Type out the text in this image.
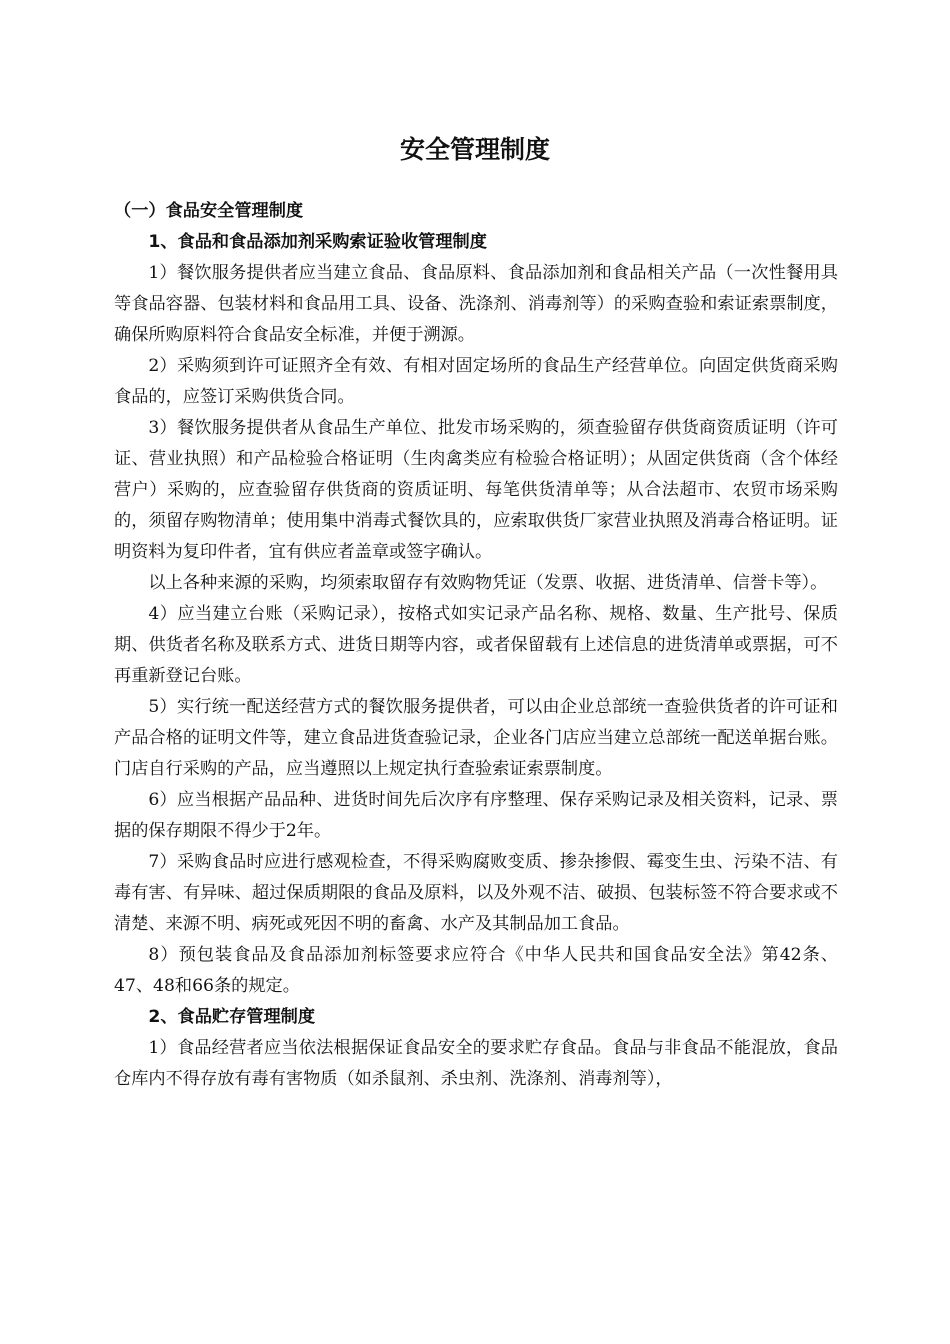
安全管理制度
（一）食品安全管理制度
1、食品和食品添加剂采购索证验收管理制度

1）餐饮服务提供者应当建立食品、食品原料、食品添加剂和食品相关产品（一次性餐用具等食品容器、包装材料和食品用工具、设备、洗涤剂、消毒剂等）的采购查验和索证索票制度，确保所购原料符合食品安全标准，并便于溯源。

2）采购须到许可证照齐全有效、有相对固定场所的食品生产经营单位。向固定供货商采购食品的，应签订采购供货合同。

3）餐饮服务提供者从食品生产单位、批发市场采购的，须查验留存供货商资质证明（许可证、营业执照）和产品检验合格证明（生肉禽类应有检验合格证明）；从固定供货商（含个体经营户）采购的，应查验留存供货商的资质证明、每笔供货清单等；从合法超市、农贸市场采购的，须留存购物清单；使用集中消毒式餐饮具的，应索取供货厂家营业执照及消毒合格证明。证明资料为复印件者，宜有供应者盖章或签字确认。

以上各种来源的采购，均须索取留存有效购物凭证（发票、收据、进货清单、信誉卡等）。

4）应当建立台账（采购记录），按格式如实记录产品名称、规格、数量、生产批号、保质期、供货者名称及联系方式、进货日期等内容，或者保留载有上述信息的进货清单或票据，可不再重新登记台账。

5）实行统一配送经营方式的餐饮服务提供者，可以由企业总部统一查验供货者的许可证和产品合格的证明文件等，建立食品进货查验记录，企业各门店应当建立总部统一配送单据台账。门店自行采购的产品，应当遵照以上规定执行查验索证索票制度。

6）应当根据产品品种、进货时间先后次序有序整理、保存采购记录及相关资料，记录、票据的保存期限不得少于2年。

7）采购食品时应进行感观检查，不得采购腐败变质、掺杂掺假、霉变生虫、污染不洁、有毒有害、有异味、超过保质期限的食品及原料，以及外观不洁、破损、包装标签不符合要求或不清楚、来源不明、病死或死因不明的畜禽、水产及其制品加工食品。

8）预包装食品及食品添加剂标签要求应符合《中华人民共和国食品安全法》第42条、47、48和66条的规定。

2、食品贮存管理制度

1）食品经营者应当依法根据保证食品安全的要求贮存食品。食品与非食品不能混放，食品仓库内不得存放有毒有害物质（如杀鼠剂、杀虫剂、洗涤剂、消毒剂等），
